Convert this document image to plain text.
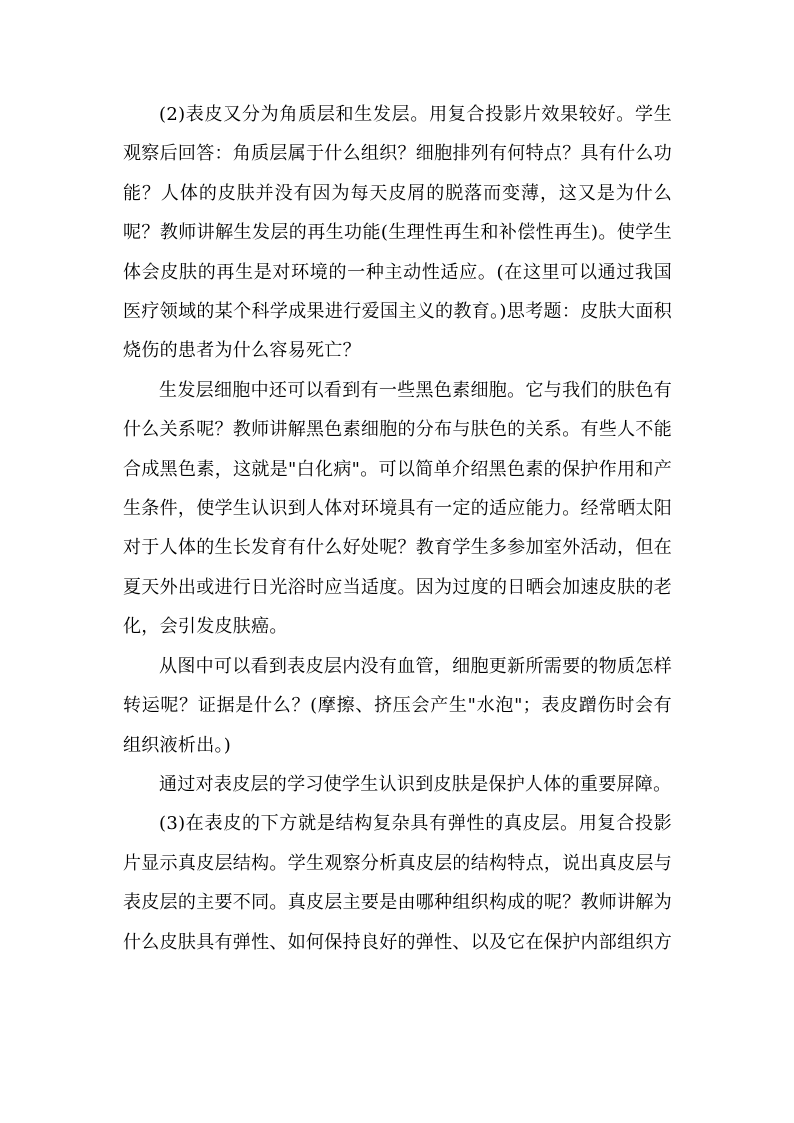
(2)表皮又分为角质层和生发层。用复合投影片效果较好。学生观察后回答：角质层属于什么组织？细胞排列有何特点？具有什么功能？人体的皮肤并没有因为每天皮屑的脱落而变薄，这又是为什么呢？教师讲解生发层的再生功能(生理性再生和补偿性再生)。使学生体会皮肤的再生是对环境的一种主动性适应。(在这里可以通过我国医疗领域的某个科学成果进行爱国主义的教育。)思考题：皮肤大面积烧伤的患者为什么容易死亡？

生发层细胞中还可以看到有一些黑色素细胞。它与我们的肤色有什么关系呢？教师讲解黑色素细胞的分布与肤色的关系。有些人不能合成黑色素，这就是"白化病"。可以简单介绍黑色素的保护作用和产生条件，使学生认识到人体对环境具有一定的适应能力。经常晒太阳对于人体的生长发育有什么好处呢？教育学生多参加室外活动，但在夏天外出或进行日光浴时应当适度。因为过度的日晒会加速皮肤的老化，会引发皮肤癌。

从图中可以看到表皮层内没有血管，细胞更新所需要的物质怎样转运呢？证据是什么？(摩擦、挤压会产生"水泡"；表皮蹭伤时会有组织液析出。)

通过对表皮层的学习使学生认识到皮肤是保护人体的重要屏障。

(3)在表皮的下方就是结构复杂具有弹性的真皮层。用复合投影片显示真皮层结构。学生观察分析真皮层的结构特点，说出真皮层与表皮层的主要不同。真皮层主要是由哪种组织构成的呢？教师讲解为什么皮肤具有弹性、如何保持良好的弹性、以及它在保护内部组织方
